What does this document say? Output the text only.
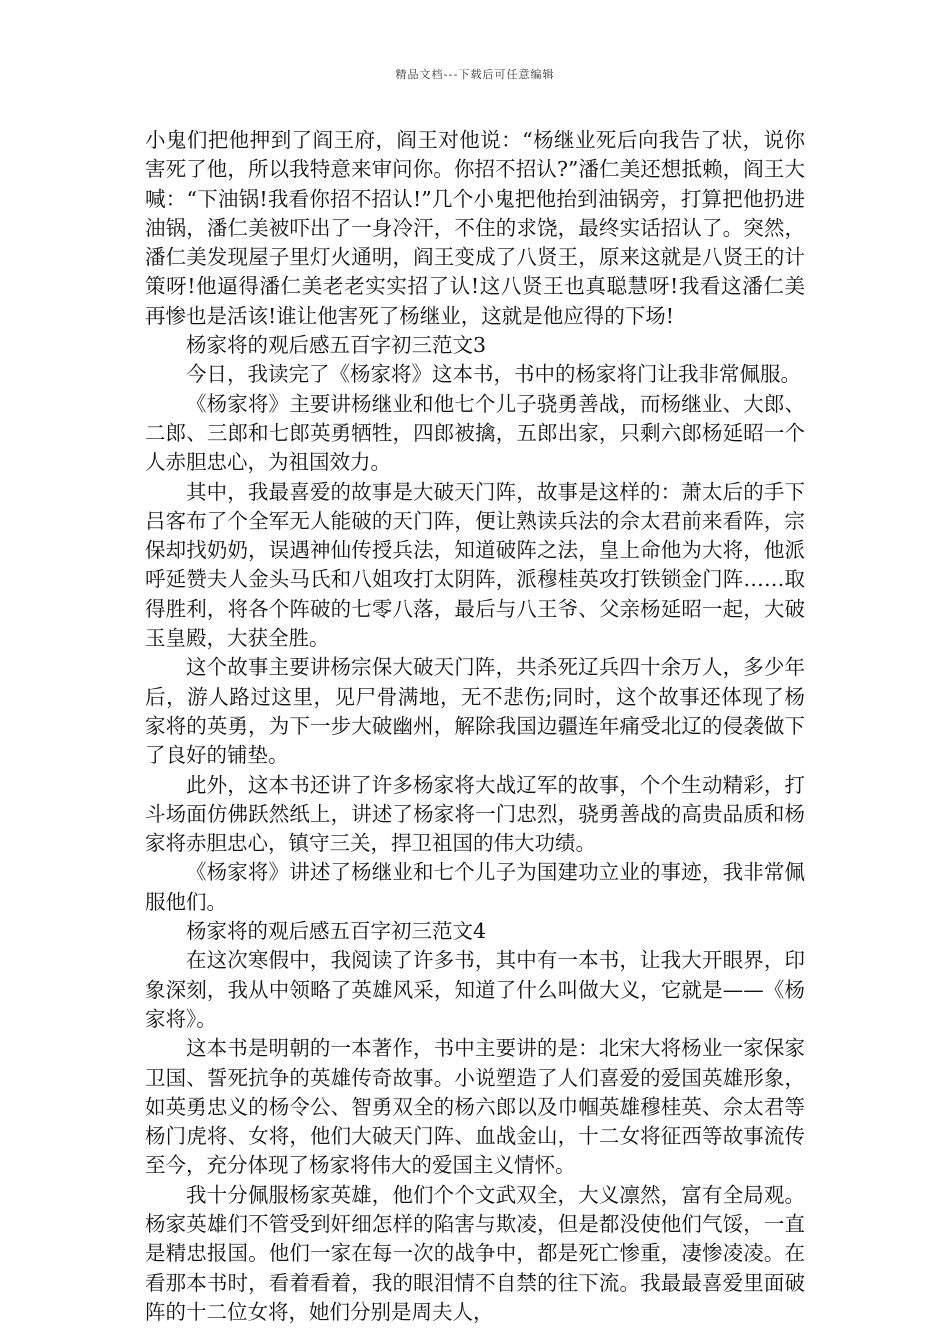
精品文档---下载后可任意编辑

小鬼们把他押到了阎王府，阎王对他说：“杨继业死后向我告了状，说你害死了他，所以我特意来审问你。你招不招认?”潘仁美还想抵赖，阎王大喊：“下油锅!我看你招不招认!”几个小鬼把他抬到油锅旁，打算把他扔进油锅，潘仁美被吓出了一身冷汗，不住的求饶，最终实话招认了。突然，潘仁美发现屋子里灯火通明，阎王变成了八贤王，原来这就是八贤王的计策呀!他逼得潘仁美老老实实招了认!这八贤王也真聪慧呀!我看这潘仁美再惨也是活该!谁让他害死了杨继业，这就是他应得的下场!

杨家将的观后感五百字初三范文3

今日，我读完了《杨家将》这本书，书中的杨家将门让我非常佩服。

《杨家将》主要讲杨继业和他七个儿子骁勇善战，而杨继业、大郎、二郎、三郎和七郎英勇牺牲，四郎被擒，五郎出家，只剩六郎杨延昭一个人赤胆忠心，为祖国效力。

其中，我最喜爱的故事是大破天门阵，故事是这样的：萧太后的手下吕客布了个全军无人能破的天门阵，便让熟读兵法的佘太君前来看阵，宗保却找奶奶，误遇神仙传授兵法，知道破阵之法，皇上命他为大将，他派呼延赞夫人金头马氏和八姐攻打太阴阵，派穆桂英攻打铁锁金门阵……取得胜利，将各个阵破的七零八落，最后与八王爷、父亲杨延昭一起，大破玉皇殿，大获全胜。

这个故事主要讲杨宗保大破天门阵，共杀死辽兵四十余万人，多少年后，游人路过这里，见尸骨满地，无不悲伤;同时，这个故事还体现了杨家将的英勇，为下一步大破幽州，解除我国边疆连年痛受北辽的侵袭做下了良好的铺垫。

此外，这本书还讲了许多杨家将大战辽军的故事，个个生动精彩，打斗场面仿佛跃然纸上，讲述了杨家将一门忠烈，骁勇善战的高贵品质和杨家将赤胆忠心，镇守三关，捍卫祖国的伟大功绩。

《杨家将》讲述了杨继业和七个儿子为国建功立业的事迹，我非常佩服他们。

杨家将的观后感五百字初三范文4

在这次寒假中，我阅读了许多书，其中有一本书，让我大开眼界，印象深刻，我从中领略了英雄风采，知道了什么叫做大义，它就是——《杨家将》。

这本书是明朝的一本著作，书中主要讲的是：北宋大将杨业一家保家卫国、誓死抗争的英雄传奇故事。小说塑造了人们喜爱的爱国英雄形象，如英勇忠义的杨令公、智勇双全的杨六郎以及巾帼英雄穆桂英、佘太君等杨门虎将、女将，他们大破天门阵、血战金山，十二女将征西等故事流传至今，充分体现了杨家将伟大的爱国主义情怀。

我十分佩服杨家英雄，他们个个文武双全，大义凛然，富有全局观。杨家英雄们不管受到奸细怎样的陷害与欺凌，但是都没使他们气馁，一直是精忠报国。他们一家在每一次的战争中，都是死亡惨重，凄惨凌凌。在看那本书时，看着看着，我的眼泪情不自禁的往下流。我最最喜爱里面破阵的十二位女将，她们分别是周夫人，
